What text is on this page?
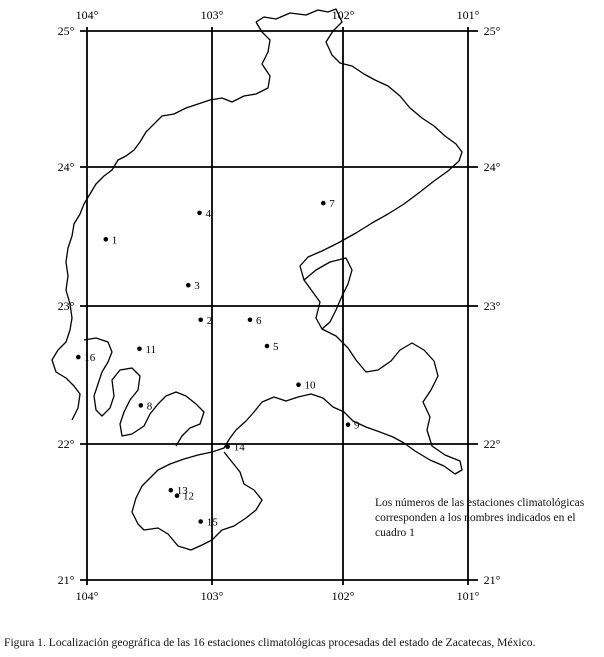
104°	103°	102°	101°
104°	103°	102°	101°
25°
24°
23°
22°
21°
25°
24°
23°
22°
21°
1
2
3
4
5
6
7
8
9
10
11
12
13
14
15
16
Los números de las estaciones climatológicas corresponden a los nombres indicados en el cuadro 1
Figura 1. Localización geográfica de las 16 estaciones climatológicas procesadas del estado de Zacatecas, México.
